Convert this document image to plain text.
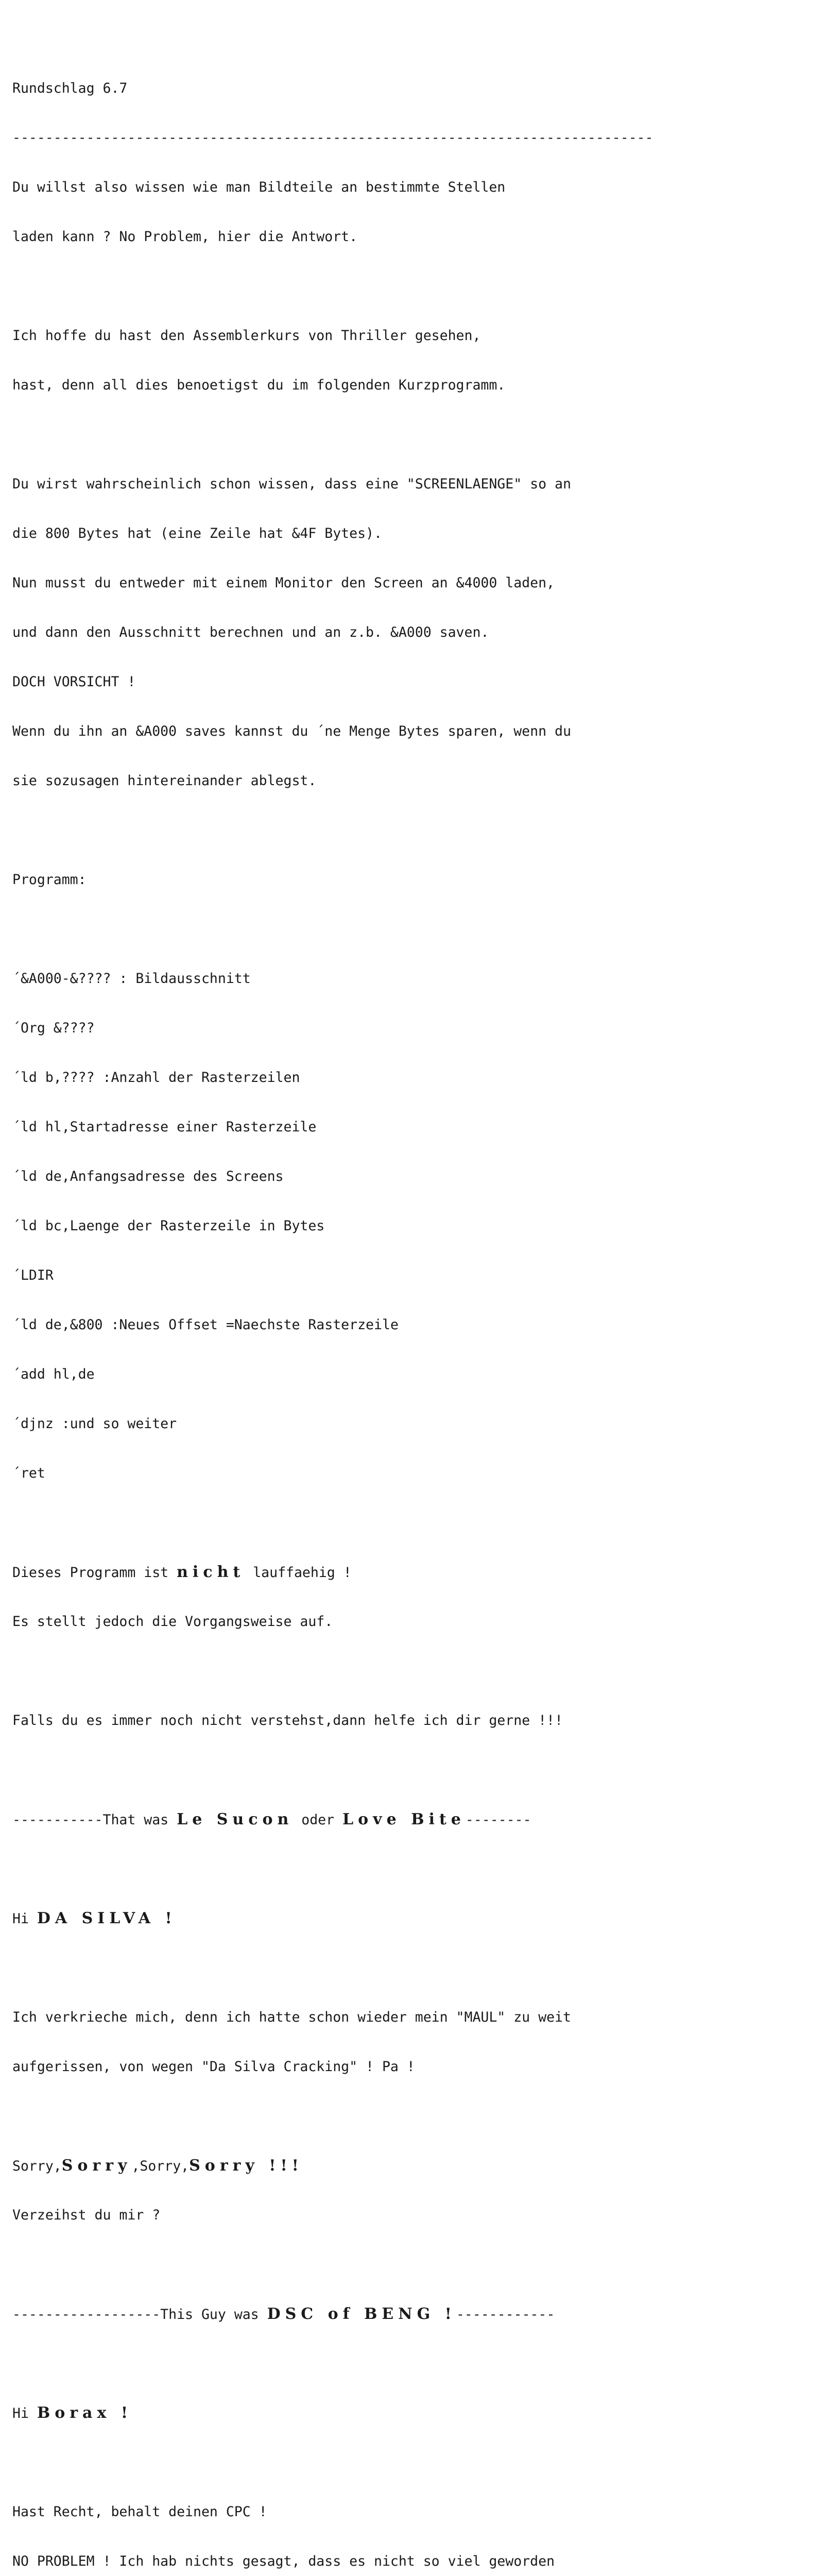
Rundschlag 6.7

------------------------------------------------------------------------------

Du willst also wissen wie man Bildteile an bestimmte Stellen

laden kann ? No Problem, hier die Antwort.

Ich hoffe du hast den Assemblerkurs von Thriller gesehen,

hast, denn all dies benoetigst du im folgenden Kurzprogramm.

Du wirst wahrscheinlich schon wissen, dass eine "SCREENLAENGE" so an

die 800 Bytes hat (eine Zeile hat &4F Bytes).

Nun musst du entweder mit einem Monitor den Screen an &4000 laden,

und dann den Ausschnitt berechnen und an z.b. &A000 saven.

DOCH VORSICHT !

Wenn du ihn an &A000 saves kannst du ´ne Menge Bytes sparen, wenn du

sie sozusagen hintereinander ablegst.

Programm:

´&A000-&???? : Bildausschnitt

´Org &????

´ld b,???? :Anzahl der Rasterzeilen

´ld hl,Startadresse einer Rasterzeile

´ld de,Anfangsadresse des Screens

´ld bc,Laenge der Rasterzeile in Bytes

´LDIR

´ld de,&800 :Neues Offset =Naechste Rasterzeile

´add hl,de

´djnz :und so weiter

´ret

Dieses Programm ist nicht lauffaehig !

Es stellt jedoch die Vorgangsweise auf.

Falls du es immer noch nicht verstehst,dann helfe ich dir gerne !!!

-----------That was Le Sucon oder Love Bite--------

Hi DA SILVA !

Ich verkrieche mich, denn ich hatte schon wieder mein "MAUL" zu weit

aufgerissen, von wegen "Da Silva Cracking" ! Pa !

Sorry,Sorry,Sorry,Sorry !!!

Verzeihst du mir ?

------------------This Guy was DSC of BENG !------------

Hi Borax !

Hast Recht, behalt deinen CPC !

NO PROBLEM ! Ich hab nichts gesagt, dass es nicht so viel geworden
